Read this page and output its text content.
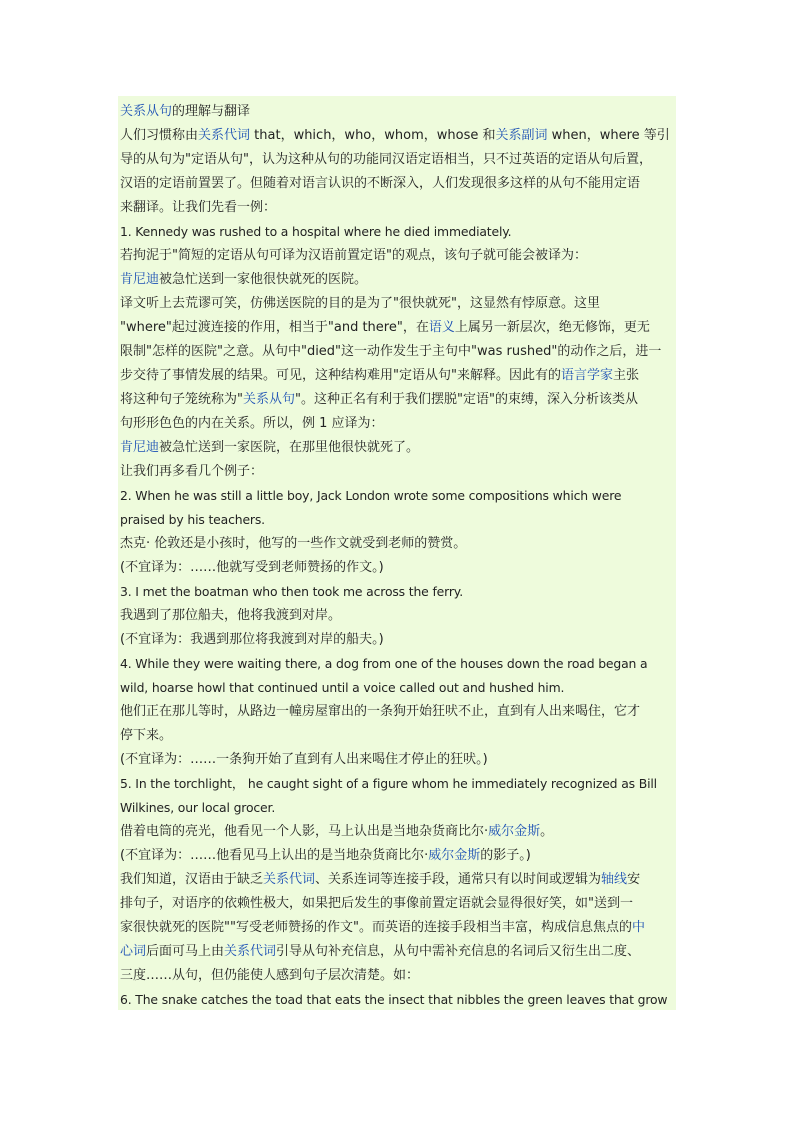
关系从句的理解与翻译
人们习惯称由关系代词 that，which，who，whom，whose 和关系副词 when，where 等引
导的从句为"定语从句"，认为这种从句的功能同汉语定语相当，只不过英语的定语从句后置，
汉语的定语前置罢了。但随着对语言认识的不断深入，人们发现很多这样的从句不能用定语
来翻译。让我们先看一例：
1. Kennedy was rushed to a hospital where he died immediately.
若拘泥于"简短的定语从句可译为汉语前置定语"的观点，该句子就可能会被译为：
肯尼迪被急忙送到一家他很快就死的医院。
译文听上去荒谬可笑，仿佛送医院的目的是为了"很快就死"，这显然有悖原意。这里
"where"起过渡连接的作用，相当于"and there"，在语义上属另一新层次，绝无修饰，更无
限制"怎样的医院"之意。从句中"died"这一动作发生于主句中"was rushed"的动作之后，进一
步交待了事情发展的结果。可见，这种结构难用"定语从句"来解释。因此有的语言学家主张
将这种句子笼统称为"关系从句"。这种正名有利于我们摆脱"定语"的束缚，深入分析该类从
句形形色色的内在关系。所以，例 1 应译为：
肯尼迪被急忙送到一家医院，在那里他很快就死了。
让我们再多看几个例子：
2. When he was still a little boy, Jack London wrote some compositions which were
praised by his teachers.
杰克· 伦敦还是小孩时，他写的一些作文就受到老师的赞赏。
(不宜译为：……他就写受到老师赞扬的作文。)
3. I met the boatman who then took me across the ferry.
我遇到了那位船夫，他将我渡到对岸。
(不宜译为：我遇到那位将我渡到对岸的船夫。)
4. While they were waiting there, a dog from one of the houses down the road began a
wild, hoarse howl that continued until a voice called out and hushed him.
他们正在那儿等时，从路边一幢房屋窜出的一条狗开始狂吠不止，直到有人出来喝住，它才
停下来。
(不宜译为：……一条狗开始了直到有人出来喝住才停止的狂吠。)
5. In the torchlight， he caught sight of a figure whom he immediately recognized as Bill
Wilkines, our local grocer.
借着电筒的亮光，他看见一个人影，马上认出是当地杂货商比尔·威尔金斯。
(不宜译为：……他看见马上认出的是当地杂货商比尔·威尔金斯的影子。)
我们知道，汉语由于缺乏关系代词、关系连词等连接手段，通常只有以时间或逻辑为轴线安
排句子，对语序的依赖性极大，如果把后发生的事像前置定语就会显得很好笑，如"送到一
家很快就死的医院""写受老师赞扬的作文"。而英语的连接手段相当丰富，构成信息焦点的中
心词后面可马上由关系代词引导从句补充信息，从句中需补充信息的名词后又衍生出二度、
三度……从句，但仍能使人感到句子层次清楚。如：
6. The snake catches the toad that eats the insect that nibbles the green leaves that grow
